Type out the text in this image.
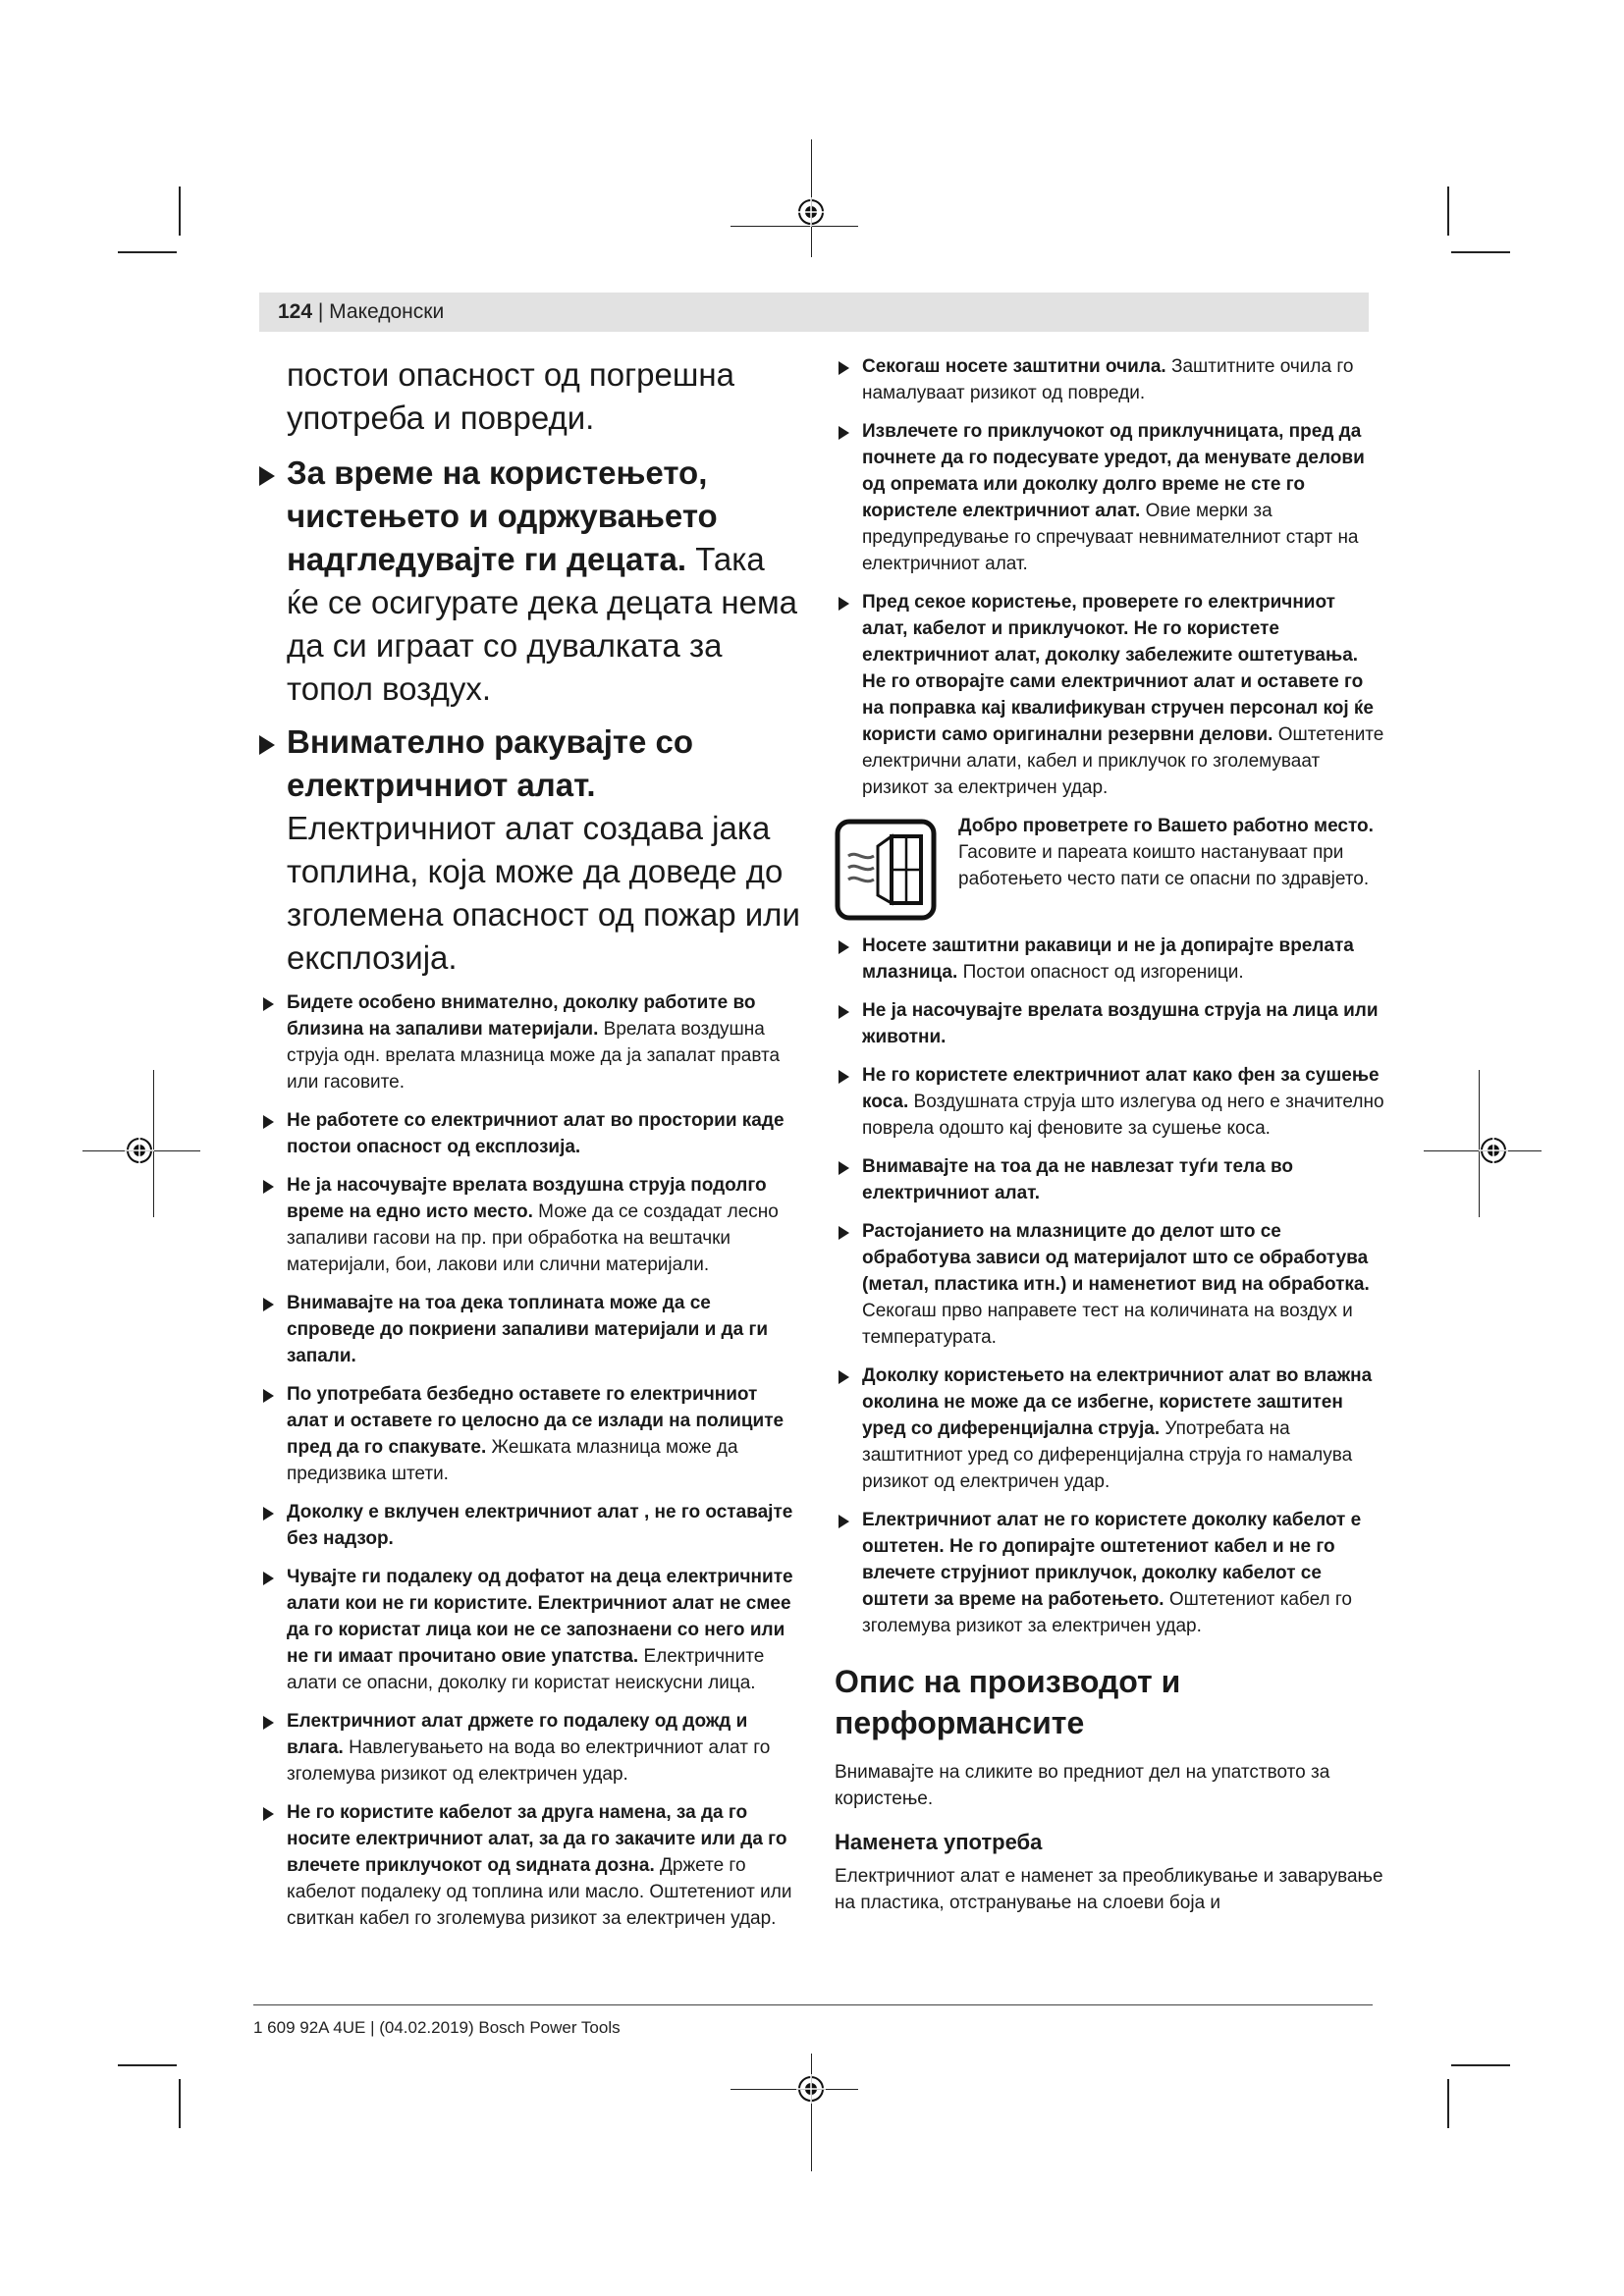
124 | Македонски
постои опасност од погрешна употреба и повреди.
За време на користењето, чистењето и одржувањето надгледувајте ги децата. Така ќе се осигурате дека децата нема да си играат со дувалката за топол воздух.
Внимателно ракувајте со електричниот алат. Електричниот алат создава јака топлина, која може да доведе до зголемена опасност од пожар или експлозија.
Бидете особено внимателно, доколку работите во близина на запаливи материјали. Врелата воздушна струја одн. врелата млазница може да ја запалат правта или гасовите.
Не работете со електричниот алат во простории каде постои опасност од експлозија.
Не ја насочувајте врелата воздушна струја подолго време на едно исто место. Може да се создадат лесно запаливи гасови на пр. при обработка на вештачки материјали, бои, лакови или слични материјали.
Внимавајте на тоа дека топлината може да се спроведе до покриени запаливи материјали и да ги запали.
По употребата безбедно оставете го електричниот алат и оставете го целосно да се излади на полиците пред да го спакувате. Жешката млазница може да предизвика штети.
Доколку е вклучен електричниот алат , не го оставајте без надзор.
Чувајте ги подалеку од дофатот на деца електричните алати кои не ги користите. Електричниот алат не смее да го користат лица кои не се запознаени со него или не ги имаат прочитано овие упатства. Електричните алати се опасни, доколку ги користат неискусни лица.
Електричниот алат држете го подалеку од дожд и влага. Навлегувањето на вода во електричниот алат го зголемува ризикот од електричен удар.
Не го користите кабелот за друга намена, за да го носите електричниот алат, за да го закачите или да го влечете приклучокот од ѕидната дозна. Држете го кабелот подалеку од топлина или масло. Оштетениот или свиткан кабел го зголемува ризикот за електричен удар.
Секогаш носете заштитни очила. Заштитните очила го намалуваат ризикот од повреди.
Извлечете го приклучокот од приклучницата, пред да почнете да го подесувате уредот, да менувате делови од опремата или доколку долго време не сте го користеле електричниот алат. Овие мерки за предупредување го спречуваат невнимателниот старт на електричниот алат.
Пред секое користење, проверете го електричниот алат, кабелот и приклучокот. Не го користете електричниот алат, доколку забележите оштетувања. Не го отворајте сами електричниот алат и оставете го на поправка кај квалификуван стручен персонал кој ќе користи само оригинални резервни делови. Оштетените електрични алати, кабел и приклучок го зголемуваат ризикот за електричен удар.
Добро проветрете го Вашето работно место. Гасовите и пареата коишто настануваат при работењето често пати се опасни по здравјето.
Носете заштитни ракавици и не ја допирајте врелата млазница. Постои опасност од изгореници.
Не ја насочувајте врелата воздушна струја на лица или животни.
Не го користете електричниот алат како фен за сушење коса. Воздушната струја што излегува од него е значително поврела одошто кај феновите за сушење коса.
Внимавајте на тоа да не навлезат туѓи тела во електричниот алат.
Растојанието на млазниците до делот што се обработува зависи од материјалот што се обработува (метал, пластика итн.) и наменетиот вид на обработка. Секогаш прво направете тест на количината на воздух и температурата.
Доколку користењето на електричниот алат во влажна околина не може да се избегне, користете заштитен уред со диференцијална струја. Употребата на заштитниот уред со диференцијална струја го намалува ризикот од електричен удар.
Електричниот алат не го користете доколку кабелот е оштетен. Не го допирајте оштетениот кабел и не го влечете струјниот приклучок, доколку кабелот се оштети за време на работењето. Оштетениот кабел го зголемува ризикот за електричен удар.
Опис на производот и перформансите

Внимавајте на сликите во предниот дел на упатството за користење.

Наменета употреба

Електричниот алат е наменет за преобликување и заварување на пластика, отстранување на слоеви боја и

1 609 92A 4UE | (04.02.2019) Bosch Power Tools
